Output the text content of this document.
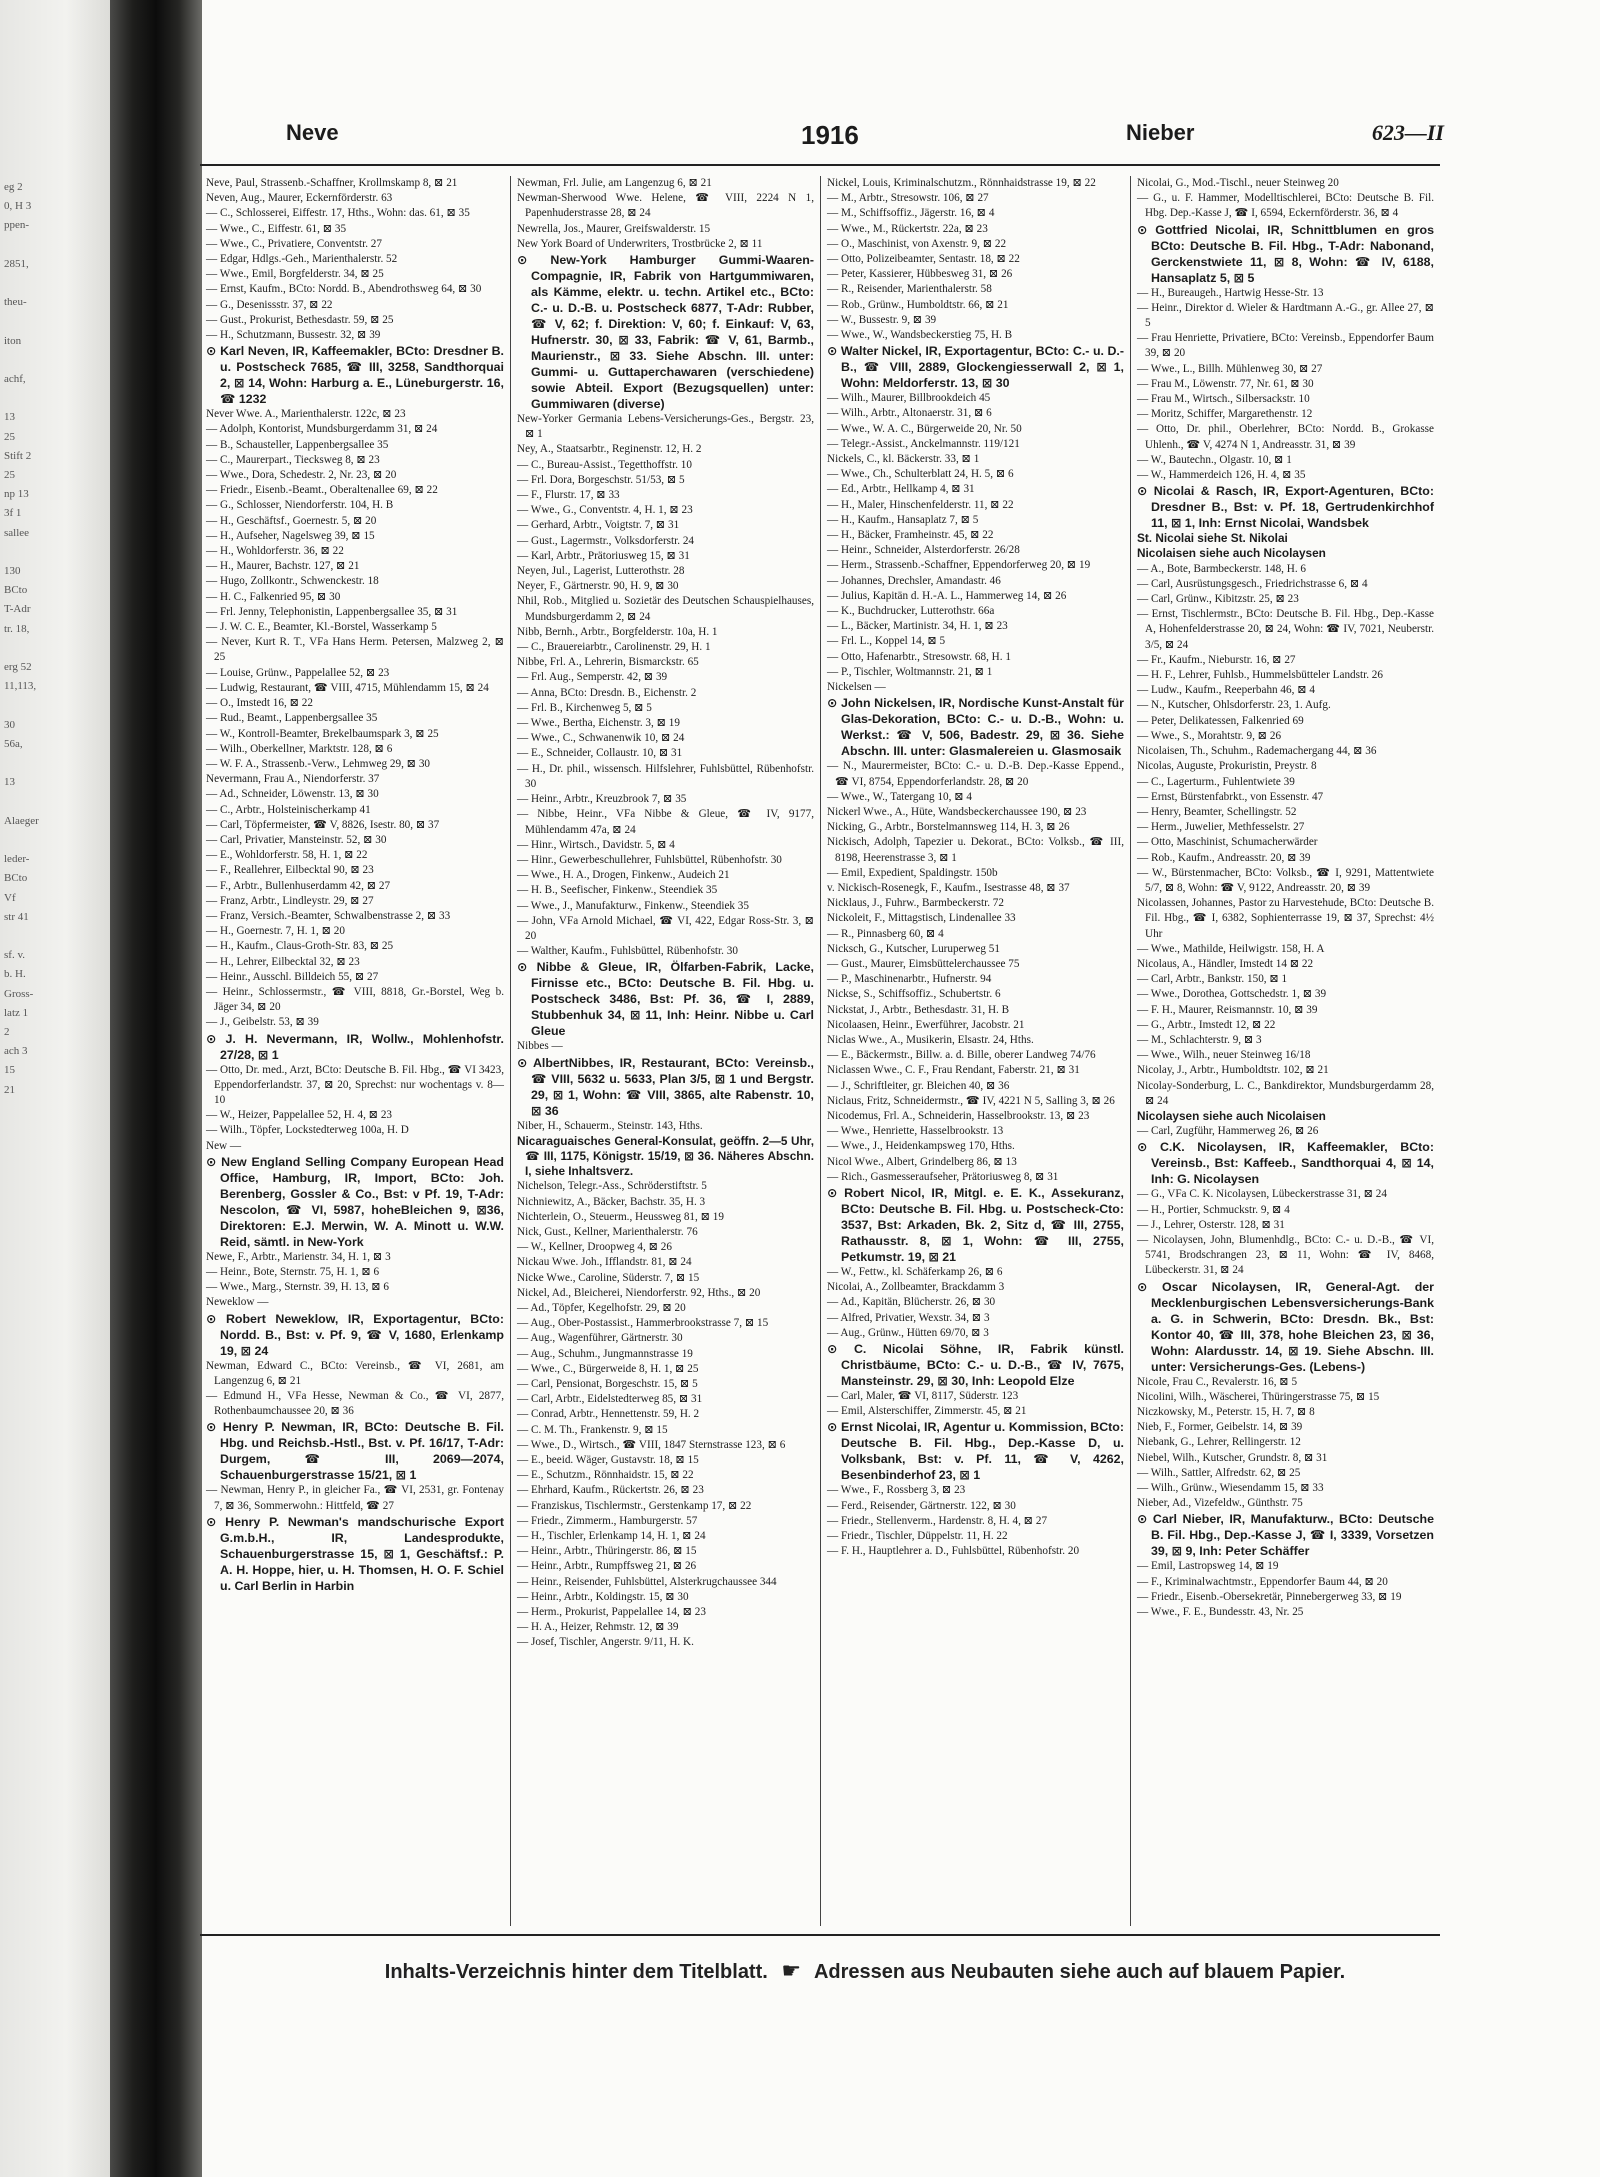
eg 2
0, H 3
ppen-

2851,

theu-

iton

achf,

13
25
Stift 2
25
np 13
3f 1
sallee

130
BCto
T-Adr
tr. 18,

erg 52
11,113,

30
56a,

13

Alaeger

leder-
BCto
Vf
str 41

sf. v.
b. H.
Gross-
latz 1
2
ach 3
15
21
Neve	1916	Nieber	623—II

Neve, Paul, Strassenb.-Schaffner, Krollmskamp 8, ⊠ 21

Neven, Aug., Maurer, Eckernförderstr. 63

— C., Schlosserei, Eiffestr. 17, Hths., Wohn: das. 61, ⊠ 35

— Wwe., C., Eiffestr. 61, ⊠ 35

— Wwe., C., Privatiere, Conventstr. 27

— Edgar, Hdlgs.-Geh., Marienthalerstr. 52

— Wwe., Emil, Borgfelderstr. 34, ⊠ 25

— Ernst, Kaufm., BCto: Nordd. B., Abendrothsweg 64, ⊠ 30

— G., Desenissstr. 37, ⊠ 22

— Gust., Prokurist, Bethesdastr. 59, ⊠ 25

— H., Schutzmann, Bussestr. 32, ⊠ 39

⊙ Karl Neven, IR, Kaffeemakler, BCto: Dresdner B. u. Postscheck 7685, ☎ III, 3258, Sandthorquai 2, ⊠ 14, Wohn: Harburg a. E., Lüneburgerstr. 16, ☎ 1232

Never Wwe. A., Marienthalerstr. 122c, ⊠ 23

— Adolph, Kontorist, Mundsburgerdamm 31, ⊠ 24

— B., Schausteller, Lappenbergsallee 35

— C., Maurerpart., Tiecksweg 8, ⊠ 23

— Wwe., Dora, Schedestr. 2, Nr. 23, ⊠ 20

— Friedr., Eisenb.-Beamt., Oberaltenallee 69, ⊠ 22

— G., Schlosser, Niendorferstr. 104, H. B

— H., Geschäftsf., Goernestr. 5, ⊠ 20

— H., Aufseher, Nagelsweg 39, ⊠ 15

— H., Wohldorferstr. 36, ⊠ 22

— H., Maurer, Bachstr. 127, ⊠ 21

— Hugo, Zollkontr., Schwenckestr. 18

— H. C., Falkenried 95, ⊠ 30

— Frl. Jenny, Telephonistin, Lappenbergsallee 35, ⊠ 31

— J. W. C. E., Beamter, Kl.-Borstel, Wasserkamp 5

— Never, Kurt R. T., VFa Hans Herm. Petersen, Malzweg 2, ⊠ 25

— Louise, Grünw., Pappelallee 52, ⊠ 23

— Ludwig, Restaurant, ☎ VIII, 4715, Mühlendamm 15, ⊠ 24

— O., Imstedt 16, ⊠ 22

— Rud., Beamt., Lappenbergsallee 35

— W., Kontroll-Beamter, Brekelbaumspark 3, ⊠ 25

— Wilh., Oberkellner, Marktstr. 128, ⊠ 6

— W. F. A., Strassenb.-Verw., Lehmweg 29, ⊠ 30

Nevermann, Frau A., Niendorferstr. 37

— Ad., Schneider, Löwenstr. 13, ⊠ 30

— C., Arbtr., Holsteinischerkamp 41

— Carl, Töpfermeister, ☎ V, 8826, Isestr. 80, ⊠ 37

— Carl, Privatier, Mansteinstr. 52, ⊠ 30

— E., Wohldorferstr. 58, H. 1, ⊠ 22

— F., Reallehrer, Eilbecktal 90, ⊠ 23

— F., Arbtr., Bullenhuserdamm 42, ⊠ 27

— Franz, Arbtr., Lindleystr. 29, ⊠ 27

— Franz, Versich.-Beamter, Schwalbenstrasse 2, ⊠ 33

— H., Goernestr. 7, H. 1, ⊠ 20

— H., Kaufm., Claus-Groth-Str. 83, ⊠ 25

— H., Lehrer, Eilbecktal 32, ⊠ 23

— Heinr., Ausschl. Billdeich 55, ⊠ 27

— Heinr., Schlossermstr., ☎ VIII, 8818, Gr.-Borstel, Weg b. Jäger 34, ⊠ 20

— J., Geibelstr. 53, ⊠ 39

⊙ J. H. Nevermann, IR, Wollw., Mohlenhofstr. 27/28, ⊠ 1

— Otto, Dr. med., Arzt, BCto: Deutsche B. Fil. Hbg., ☎ VI 3423, Eppendorferlandstr. 37, ⊠ 20, Sprechst: nur wochentags v. 8—10

— W., Heizer, Pappelallee 52, H. 4, ⊠ 23

— Wilh., Töpfer, Lockstedterweg 100a, H. D

New —

⊙ New England Selling Company European Head Office, Hamburg, IR, Import, BCto: Joh. Berenberg, Gossler & Co., Bst: v Pf. 19, T-Adr: Nescolon, ☎ VI, 5987, hoheBleichen 9, ⊠36, Direktoren: E.J. Merwin, W. A. Minott u. W.W. Reid, sämtl. in New-York

Newe, F., Arbtr., Marienstr. 34, H. 1, ⊠ 3

— Heinr., Bote, Sternstr. 75, H. 1, ⊠ 6

— Wwe., Marg., Sternstr. 39, H. 13, ⊠ 6

Neweklow —

⊙ Robert Neweklow, IR, Exportagentur, BCto: Nordd. B., Bst: v. Pf. 9, ☎ V, 1680, Erlenkamp 19, ⊠ 24

Newman, Edward C., BCto: Vereinsb., ☎ VI, 2681, am Langenzug 6, ⊠ 21

— Edmund H., VFa Hesse, Newman & Co., ☎ VI, 2877, Rothenbaumchaussee 20, ⊠ 36

⊙ Henry P. Newman, IR, BCto: Deutsche B. Fil. Hbg. und Reichsb.-Hstl., Bst. v. Pf. 16/17, T-Adr: Durgem, ☎ III, 2069—2074, Schauenburgerstrasse 15/21, ⊠ 1

— Newman, Henry P., in gleicher Fa., ☎ VI, 2531, gr. Fontenay 7, ⊠ 36, Sommerwohn.: Hittfeld, ☎ 27

⊙ Henry P. Newman's mandschurische Export G.m.b.H., IR, Landesprodukte, Schauenburgerstrasse 15, ⊠ 1, Geschäftsf.: P. A. H. Hoppe, hier, u. H. Thomsen, H. O. F. Schiel u. Carl Berlin in Harbin

Newman, Frl. Julie, am Langenzug 6, ⊠ 21

Newman-Sherwood Wwe. Helene, ☎ VIII, 2224 N 1, Papenhuderstrasse 28, ⊠ 24

Newrella, Jos., Maurer, Greifswalderstr. 15

New York Board of Underwriters, Trostbrücke 2, ⊠ 11

⊙ New-York Hamburger Gummi-Waaren-Compagnie, IR, Fabrik von Hartgummiwaren, als Kämme, elektr. u. techn. Artikel etc., BCto: C.- u. D.-B. u. Postscheck 6877, T-Adr: Rubber, ☎ V, 62; f. Direktion: V, 60; f. Einkauf: V, 63, Hufnerstr. 30, ⊠ 33, Fabrik: ☎ V, 61, Barmb., Maurienstr., ⊠ 33. Siehe Abschn. III. unter: Gummi- u. Guttaperchawaren (verschiedene) sowie Abteil. Export (Bezugsquellen) unter: Gummiwaren (diverse)

New-Yorker Germania Lebens-Versicherungs-Ges., Bergstr. 23, ⊠ 1

Ney, A., Staatsarbtr., Reginenstr. 12, H. 2

— C., Bureau-Assist., Tegetthoffstr. 10

— Frl. Dora, Borgeschstr. 51/53, ⊠ 5

— F., Flurstr. 17, ⊠ 33

— Wwe., G., Conventstr. 4, H. 1, ⊠ 23

— Gerhard, Arbtr., Voigtstr. 7, ⊠ 31

— Gust., Lagermstr., Volksdorferstr. 24

— Karl, Arbtr., Prätoriusweg 15, ⊠ 31

Neyen, Jul., Lagerist, Lutterothstr. 28

Neyer, F., Gärtnerstr. 90, H. 9, ⊠ 30

Nhil, Rob., Mitglied u. Sozietär des Deutschen Schauspielhauses, Mundsburgerdamm 2, ⊠ 24

Nibb, Bernh., Arbtr., Borgfelderstr. 10a, H. 1

— C., Brauereiarbtr., Carolinenstr. 29, H. 1

Nibbe, Frl. A., Lehrerin, Bismarckstr. 65

— Frl. Aug., Semperstr. 42, ⊠ 39

— Anna, BCto: Dresdn. B., Eichenstr. 2

— Frl. B., Kirchenweg 5, ⊠ 5

— Wwe., Bertha, Eichenstr. 3, ⊠ 19

— Wwe., C., Schwanenwik 10, ⊠ 24

— E., Schneider, Collaustr. 10, ⊠ 31

— H., Dr. phil., wissensch. Hilfslehrer, Fuhlsbüttel, Rübenhofstr. 30

— Heinr., Arbtr., Kreuzbrook 7, ⊠ 35

— Nibbe, Heinr., VFa Nibbe & Gleue, ☎ IV, 9177, Mühlendamm 47a, ⊠ 24

— Hinr., Wirtsch., Davidstr. 5, ⊠ 4

— Hinr., Gewerbeschullehrer, Fuhlsbüttel, Rübenhofstr. 30

— Wwe., H. A., Drogen, Finkenw., Audeich 21

— H. B., Seefischer, Finkenw., Steendiek 35

— Wwe., J., Manufakturw., Finkenw., Steendiek 35

— John, VFa Arnold Michael, ☎ VI, 422, Edgar Ross-Str. 3, ⊠ 20

— Walther, Kaufm., Fuhlsbüttel, Rübenhofstr. 30

⊙ Nibbe & Gleue, IR, Ölfarben-Fabrik, Lacke, Firnisse etc., BCto: Deutsche B. Fil. Hbg. u. Postscheck 3486, Bst: Pf. 36, ☎ I, 2889, Stubbenhuk 34, ⊠ 11, Inh: Heinr. Nibbe u. Carl Gleue

Nibbes —

⊙ AlbertNibbes, IR, Restaurant, BCto: Vereinsb., ☎ VIII, 5632 u. 5633, Plan 3/5, ⊠ 1 und Bergstr. 29, ⊠ 1, Wohn: ☎ VIII, 3865, alte Rabenstr. 10, ⊠ 36

Niber, H., Schauerm., Steinstr. 143, Hths.

Nicaraguaisches General-Konsulat, geöffn. 2—5 Uhr, ☎ III, 1175, Königstr. 15/19, ⊠ 36. Näheres Abschn. I, siehe Inhaltsverz.

Nichelson, Telegr.-Ass., Schröderstiftstr. 5

Nichniewitz, A., Bäcker, Bachstr. 35, H. 3

Nichterlein, O., Steuerm., Heussweg 81, ⊠ 19

Nick, Gust., Kellner, Marienthalerstr. 76

— W., Kellner, Droopweg 4, ⊠ 26

Nickau Wwe. Joh., Ifflandstr. 81, ⊠ 24

Nicke Wwe., Caroline, Süderstr. 7, ⊠ 15

Nickel, Ad., Bleicherei, Niendorferstr. 92, Hths., ⊠ 20

— Ad., Töpfer, Kegelhofstr. 29, ⊠ 20

— Aug., Ober-Postassist., Hammerbrookstrasse 7, ⊠ 15

— Aug., Wagenführer, Gärtnerstr. 30

— Aug., Schuhm., Jungmannstrasse 19

— Wwe., C., Bürgerweide 8, H. 1, ⊠ 25

— Carl, Pensionat, Borgeschstr. 15, ⊠ 5

— Carl, Arbtr., Eidelstedterweg 85, ⊠ 31

— Conrad, Arbtr., Hennettenstr. 59, H. 2

— C. M. Th., Frankenstr. 9, ⊠ 15

— Wwe., D., Wirtsch., ☎ VIII, 1847 Sternstrasse 123, ⊠ 6

— E., beeid. Wäger, Gustavstr. 18, ⊠ 15

— E., Schutzm., Rönnhaidstr. 15, ⊠ 22

— Ehrhard, Kaufm., Rückertstr. 26, ⊠ 23

— Franziskus, Tischlermstr., Gerstenkamp 17, ⊠ 22

— Friedr., Zimmerm., Hamburgerstr. 57

— H., Tischler, Erlenkamp 14, H. 1, ⊠ 24

— Heinr., Arbtr., Thüringerstr. 86, ⊠ 15

— Heinr., Arbtr., Rumpffsweg 21, ⊠ 26

— Heinr., Reisender, Fuhlsbüttel, Alsterkrugchaussee 344

— Heinr., Arbtr., Koldingstr. 15, ⊠ 30

— Herm., Prokurist, Pappelallee 14, ⊠ 23

— H. A., Heizer, Rehmstr. 12, ⊠ 39

— Josef, Tischler, Angerstr. 9/11, H. K.

Nickel, Louis, Kriminalschutzm., Rönnhaidstrasse 19, ⊠ 22

— M., Arbtr., Stresowstr. 106, ⊠ 27

— M., Schiffsoffiz., Jägerstr. 16, ⊠ 4

— Wwe., M., Rückertstr. 22a, ⊠ 23

— O., Maschinist, von Axenstr. 9, ⊠ 22

— Otto, Polizeibeamter, Sentastr. 18, ⊠ 22

— Peter, Kassierer, Hübbesweg 31, ⊠ 26

— R., Reisender, Marienthalerstr. 58

— Rob., Grünw., Humboldtstr. 66, ⊠ 21

— W., Bussestr. 9, ⊠ 39

— Wwe., W., Wandsbeckerstieg 75, H. B

⊙ Walter Nickel, IR, Exportagentur, BCto: C.- u. D.-B., ☎ VIII, 2889, Glockengiesserwall 2, ⊠ 1, Wohn: Meldorferstr. 13, ⊠ 30

— Wilh., Maurer, Billbrookdeich 45

— Wilh., Arbtr., Altonaerstr. 31, ⊠ 6

— Wwe., W. A. C., Bürgerweide 20, Nr. 50

— Telegr.-Assist., Anckelmannstr. 119/121

Nickels, C., kl. Bäckerstr. 33, ⊠ 1

— Wwe., Ch., Schulterblatt 24, H. 5, ⊠ 6

— Ed., Arbtr., Hellkamp 4, ⊠ 31

— H., Maler, Hinschenfelderstr. 11, ⊠ 22

— H., Kaufm., Hansaplatz 7, ⊠ 5

— H., Bäcker, Framheinstr. 45, ⊠ 22

— Heinr., Schneider, Alsterdorferstr. 26/28

— Herm., Strassenb.-Schaffner, Eppendorferweg 20, ⊠ 19

— Johannes, Drechsler, Amandastr. 46

— Julius, Kapitän d. H.-A. L., Hammerweg 14, ⊠ 26

— K., Buchdrucker, Lutterothstr. 66a

— L., Bäcker, Martinistr. 34, H. 1, ⊠ 23

— Frl. L., Koppel 14, ⊠ 5

— Otto, Hafenarbtr., Stresowstr. 68, H. 1

— P., Tischler, Woltmannstr. 21, ⊠ 1

Nickelsen —

⊙ John Nickelsen, IR, Nordische Kunst-Anstalt für Glas-Dekoration, BCto: C.- u. D.-B., Wohn: u. Werkst.: ☎ V, 506, Badestr. 29, ⊠ 36. Siehe Abschn. III. unter: Glasmalereien u. Glasmosaik

— N., Maurermeister, BCto: C.- u. D.-B. Dep.-Kasse Eppend., ☎ VI, 8754, Eppendorferlandstr. 28, ⊠ 20

— Wwe., W., Tatergang 10, ⊠ 4

Nickerl Wwe., A., Hüte, Wandsbeckerchaussee 190, ⊠ 23

Nicking, G., Arbtr., Borstelmannsweg 114, H. 3, ⊠ 26

Nickisch, Adolph, Tapezier u. Dekorat., BCto: Volksb., ☎ III, 8198, Heerenstrasse 3, ⊠ 1

— Emil, Expedient, Spaldingstr. 150b

v. Nickisch-Rosenegk, F., Kaufm., Isestrasse 48, ⊠ 37

Nicklaus, J., Fuhrw., Barmbeckerstr. 72

Nickoleit, F., Mittagstisch, Lindenallee 33

— R., Pinnasberg 60, ⊠ 4

Nicksch, G., Kutscher, Luruperweg 51

— Gust., Maurer, Eimsbüttelerchaussee 75

— P., Maschinenarbtr., Hufnerstr. 94

Nickse, S., Schiffsoffiz., Schubertstr. 6

Nickstat, J., Arbtr., Bethesdastr. 31, H. B

Nicolaasen, Heinr., Ewerführer, Jacobstr. 21

Niclas Wwe., A., Musikerin, Elsastr. 24, Hths.

— E., Bäckermstr., Billw. a. d. Bille, oberer Landweg 74/76

Niclassen Wwe., C. F., Frau Rendant, Faberstr. 21, ⊠ 31

— J., Schriftleiter, gr. Bleichen 40, ⊠ 36

Niclaus, Fritz, Schneidermstr., ☎ IV, 4221 N 5, Salling 3, ⊠ 26

Nicodemus, Frl. A., Schneiderin, Hasselbrookstr. 13, ⊠ 23

— Wwe., Henriette, Hasselbrookstr. 13

— Wwe., J., Heidenkampsweg 170, Hths.

Nicol Wwe., Albert, Grindelberg 86, ⊠ 13

— Rich., Gasmesseraufseher, Prätoriusweg 8, ⊠ 31

⊙ Robert Nicol, IR, Mitgl. e. E. K., Assekuranz, BCto: Deutsche B. Fil. Hbg. u. Postscheck-Cto: 3537, Bst: Arkaden, Bk. 2, Sitz d, ☎ III, 2755, Rathausstr. 8, ⊠ 1, Wohn: ☎ III, 2755, Petkumstr. 19, ⊠ 21

— W., Fettw., kl. Schäferkamp 26, ⊠ 6

Nicolai, A., Zollbeamter, Brackdamm 3

— Ad., Kapitän, Blücherstr. 26, ⊠ 30

— Alfred, Privatier, Wexstr. 34, ⊠ 3

— Aug., Grünw., Hütten 69/70, ⊠ 3

⊙ C. Nicolai Söhne, IR, Fabrik künstl. Christbäume, BCto: C.- u. D.-B., ☎ IV, 7675, Mansteinstr. 29, ⊠ 30, Inh: Leopold Elze

— Carl, Maler, ☎ VI, 8117, Süderstr. 123

— Emil, Alsterschiffer, Zimmerstr. 45, ⊠ 21

⊙ Ernst Nicolai, IR, Agentur u. Kommission, BCto: Deutsche B. Fil. Hbg., Dep.-Kasse D, u. Volksbank, Bst: v. Pf. 11, ☎ V, 4262, Besenbinderhof 23, ⊠ 1

— Wwe., F., Rossberg 3, ⊠ 23

— Ferd., Reisender, Gärtnerstr. 122, ⊠ 30

— Friedr., Stellenverm., Hardenstr. 8, H. 4, ⊠ 27

— Friedr., Tischler, Düppelstr. 11, H. 22

— F. H., Hauptlehrer a. D., Fuhlsbüttel, Rübenhofstr. 20

Nicolai, G., Mod.-Tischl., neuer Steinweg 20

— G., u. F. Hammer, Modelltischlerei, BCto: Deutsche B. Fil. Hbg. Dep.-Kasse J, ☎ I, 6594, Eckernförderstr. 36, ⊠ 4

⊙ Gottfried Nicolai, IR, Schnittblumen en gros BCto: Deutsche B. Fil. Hbg., T-Adr: Nabonand, Gerckenstwiete 11, ⊠ 8, Wohn: ☎ IV, 6188, Hansaplatz 5, ⊠ 5

— H., Bureaugeh., Hartwig Hesse-Str. 13

— Heinr., Direktor d. Wieler & Hardtmann A.-G., gr. Allee 27, ⊠ 5

— Frau Henriette, Privatiere, BCto: Vereinsb., Eppendorfer Baum 39, ⊠ 20

— Wwe., L., Billh. Mühlenweg 30, ⊠ 27

— Frau M., Löwenstr. 77, Nr. 61, ⊠ 30

— Frau M., Wirtsch., Silbersackstr. 10

— Moritz, Schiffer, Margarethenstr. 12

— Otto, Dr. phil., Oberlehrer, BCto: Nordd. B., Grokasse Uhlenh., ☎ V, 4274 N 1, Andreasstr. 31, ⊠ 39

— W., Bautechn., Olgastr. 10, ⊠ 1

— W., Hammerdeich 126, H. 4, ⊠ 35

⊙ Nicolai & Rasch, IR, Export-Agenturen, BCto: Dresdner B., Bst: v. Pf. 18, Gertrudenkirchhof 11, ⊠ 1, Inh: Ernst Nicolai, Wandsbek

St. Nicolai siehe St. Nikolai

Nicolaisen siehe auch Nicolaysen

— A., Bote, Barmbeckerstr. 148, H. 6

— Carl, Ausrüstungsgesch., Friedrichstrasse 6, ⊠ 4

— Carl, Grünw., Kibitzstr. 25, ⊠ 23

— Ernst, Tischlermstr., BCto: Deutsche B. Fil. Hbg., Dep.-Kasse A, Hohenfelderstrasse 20, ⊠ 24, Wohn: ☎ IV, 7021, Neuberstr. 3/5, ⊠ 24

— Fr., Kaufm., Nieburstr. 16, ⊠ 27

— H. F., Lehrer, Fuhlsb., Hummelsbütteler Landstr. 26

— Ludw., Kaufm., Reeperbahn 46, ⊠ 4

— N., Kutscher, Ohlsdorferstr. 23, 1. Aufg.

— Peter, Delikatessen, Falkenried 69

— Wwe., S., Morahtstr. 9, ⊠ 26

Nicolaisen, Th., Schuhm., Rademachergang 44, ⊠ 36

Nicolas, Auguste, Prokuristin, Preystr. 8

— C., Lagerturm., Fuhlentwiete 39

— Ernst, Bürstenfabrkt., von Essenstr. 47

— Henry, Beamter, Schellingstr. 52

— Herm., Juwelier, Methfesselstr. 27

— Otto, Maschinist, Schumacherwärder

— Rob., Kaufm., Andreasstr. 20, ⊠ 39

— W., Bürstenmacher, BCto: Volksb., ☎ I, 9291, Mattentwiete 5/7, ⊠ 8, Wohn: ☎ V, 9122, Andreasstr. 20, ⊠ 39

Nicolassen, Johannes, Pastor zu Harvestehude, BCto: Deutsche B. Fil. Hbg., ☎ I, 6382, Sophienterrasse 19, ⊠ 37, Sprechst: 4½ Uhr

— Wwe., Mathilde, Heilwigstr. 158, H. A

Nicolaus, A., Händler, Imstedt 14 ⊠ 22

— Carl, Arbtr., Bankstr. 150, ⊠ 1

— Wwe., Dorothea, Gottschedstr. 1, ⊠ 39

— F. H., Maurer, Reismannstr. 10, ⊠ 39

— G., Arbtr., Imstedt 12, ⊠ 22

— M., Schlachterstr. 9, ⊠ 3

— Wwe., Wilh., neuer Steinweg 16/18

Nicolay, J., Arbtr., Humboldtstr. 102, ⊠ 21

Nicolay-Sonderburg, L. C., Bankdirektor, Mundsburgerdamm 28, ⊠ 24

Nicolaysen siehe auch Nicolaisen

— Carl, Zugführ, Hammerweg 26, ⊠ 26

⊙ C.K. Nicolaysen, IR, Kaffeemakler, BCto: Vereinsb., Bst: Kaffeeb., Sandthorquai 4, ⊠ 14, Inh: G. Nicolaysen

— G., VFa C. K. Nicolaysen, Lübeckerstrasse 31, ⊠ 24

— H., Portier, Schmuckstr. 9, ⊠ 4

— J., Lehrer, Osterstr. 128, ⊠ 31

— Nicolaysen, John, Blumenhdlg., BCto: C.- u. D.-B., ☎ VI, 5741, Brodschrangen 23, ⊠ 11, Wohn: ☎ IV, 8468, Lübeckerstr. 31, ⊠ 24

⊙ Oscar Nicolaysen, IR, General-Agt. der Mecklenburgischen Lebensversicherungs-Bank a. G. in Schwerin, BCto: Dresdn. Bk., Bst: Kontor 40, ☎ III, 378, hohe Bleichen 23, ⊠ 36, Wohn: Alardusstr. 14, ⊠ 19. Siehe Abschn. III. unter: Versicherungs-Ges. (Lebens-)

Nicole, Frau C., Revalerstr. 16, ⊠ 5

Nicolini, Wilh., Wäscherei, Thüringerstrasse 75, ⊠ 15

Niczkowsky, M., Peterstr. 15, H. 7, ⊠ 8

Nieb, F., Former, Geibelstr. 14, ⊠ 39

Niebank, G., Lehrer, Rellingerstr. 12

Niebel, Wilh., Kutscher, Grundstr. 8, ⊠ 31

— Wilh., Sattler, Alfredstr. 62, ⊠ 25

— Wilh., Grünw., Wiesendamm 15, ⊠ 33

Nieber, Ad., Vizefeldw., Günthstr. 75

⊙ Carl Nieber, IR, Manufakturw., BCto: Deutsche B. Fil. Hbg., Dep.-Kasse J, ☎ I, 3339, Vorsetzen 39, ⊠ 9, Inh: Peter Schäffer

— Emil, Lastropsweg 14, ⊠ 19

— F., Kriminalwachtmstr., Eppendorfer Baum 44, ⊠ 20

— Friedr., Eisenb.-Obersekretär, Pinnebergerweg 33, ⊠ 19

— Wwe., F. E., Bundesstr. 43, Nr. 25

Inhalts-Verzeichnis hinter dem Titelblatt. ☛ Adressen aus Neubauten siehe auch auf blauem Papier.
